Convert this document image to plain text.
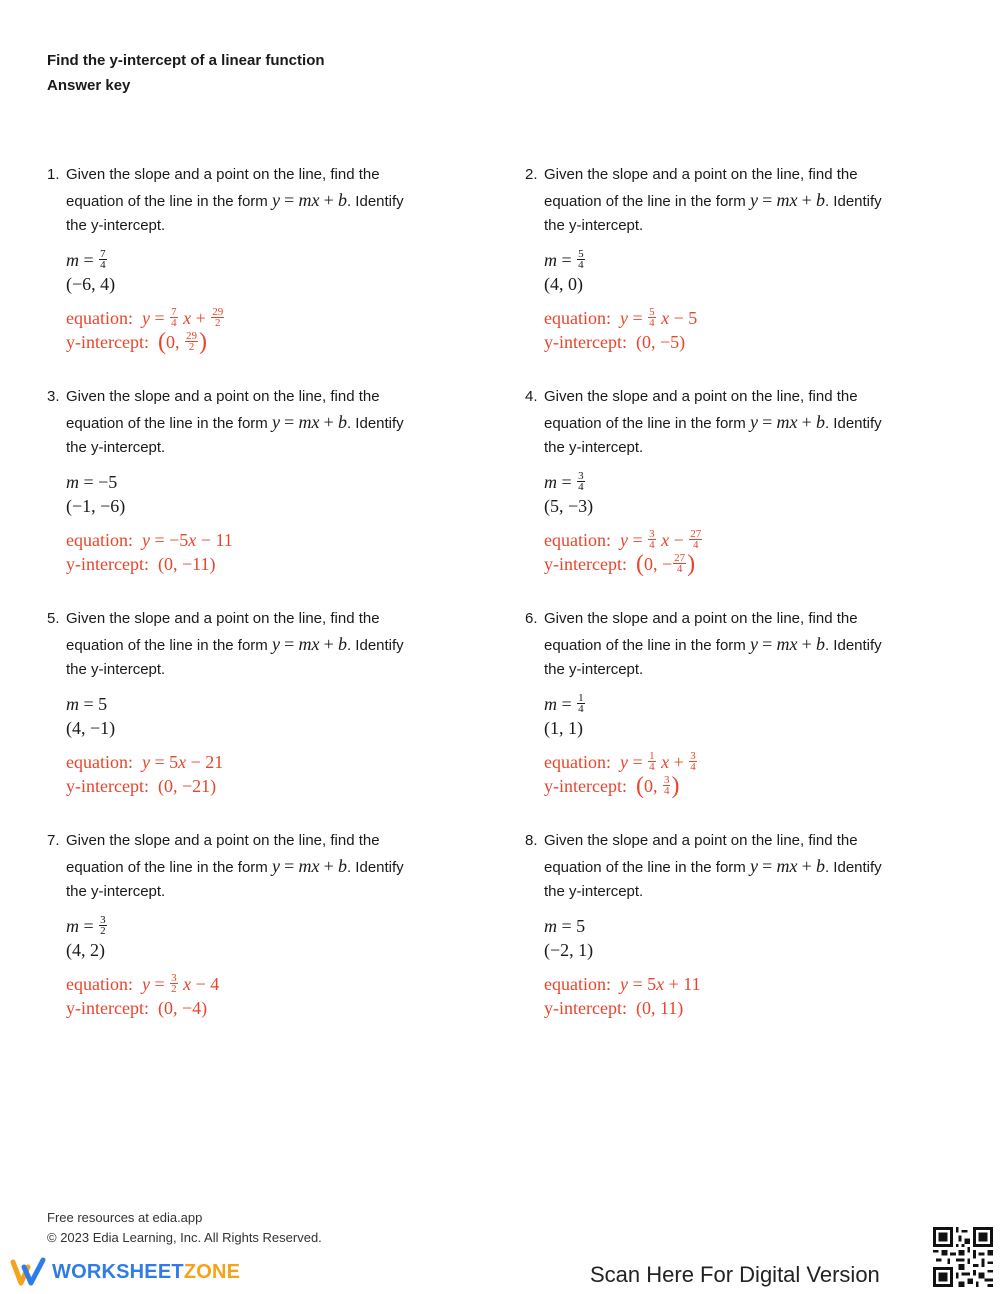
Find the y-intercept of a linear function
Answer key
1. Given the slope and a point on the line, find the
equation of the line in the form y = mx + b. Identify
the y-intercept.
$m = \frac{7}{4}$
(−6, 4)
equation: $y = \frac{7}{4}$ $x + \frac{29}{2}$
y-intercept: (0, $\frac{29}{2}$ )
2. Given the slope and a point on the line, find the
equation of the line in the form y = mx + b. Identify
the y-intercept.
$m = \frac{5}{4}$
(4, 0)
equation: $y = \frac{5}{4}$ x − 5
y-intercept: (0, −5)
3. Given the slope and a point on the line, find the
equation of the line in the form y = mx + b. Identify
the y-intercept.
m = −5
(−1, −6)
equation: y = −5x − 11
y-intercept: (0, −11)
4. Given the slope and a point on the line, find the
equation of the line in the form y = mx + b. Identify
the y-intercept.
$m = \frac{3}{4}$
(5, −3)
equation: $y = \frac{3}{4}$ $x - \frac{27}{4}$
y-intercept: (0, − $\frac{27}{4}$ )
5. Given the slope and a point on the line, find the
equation of the line in the form y = mx + b. Identify
the y-intercept.
m = 5
(4, −1)
equation: y = 5x − 21
y-intercept: (0, −21)
6. Given the slope and a point on the line, find the
equation of the line in the form y = mx + b. Identify
the y-intercept.
$m = \frac{1}{4}$
(1, 1)
equation: $y = \frac{1}{4}$ $x + \frac{3}{4}$
y-intercept: (0, $\frac{3}{4}$ )
7. Given the slope and a point on the line, find the
equation of the line in the form y = mx + b. Identify
the y-intercept.
$m = \frac{3}{2}$
(4, 2)
equation: $y = \frac{3}{2}$ x − 4
y-intercept: (0, −4)
8. Given the slope and a point on the line, find the
equation of the line in the form y = mx + b. Identify
the y-intercept.
m = 5
(−2, 1)
equation: y = 5x + 11
y-intercept: (0, 11)
Free resources at edia.app
© 2023 Edia Learning, Inc. All Rights Reserved.
WORKSHEETZONE	Scan Here For Digital Version
